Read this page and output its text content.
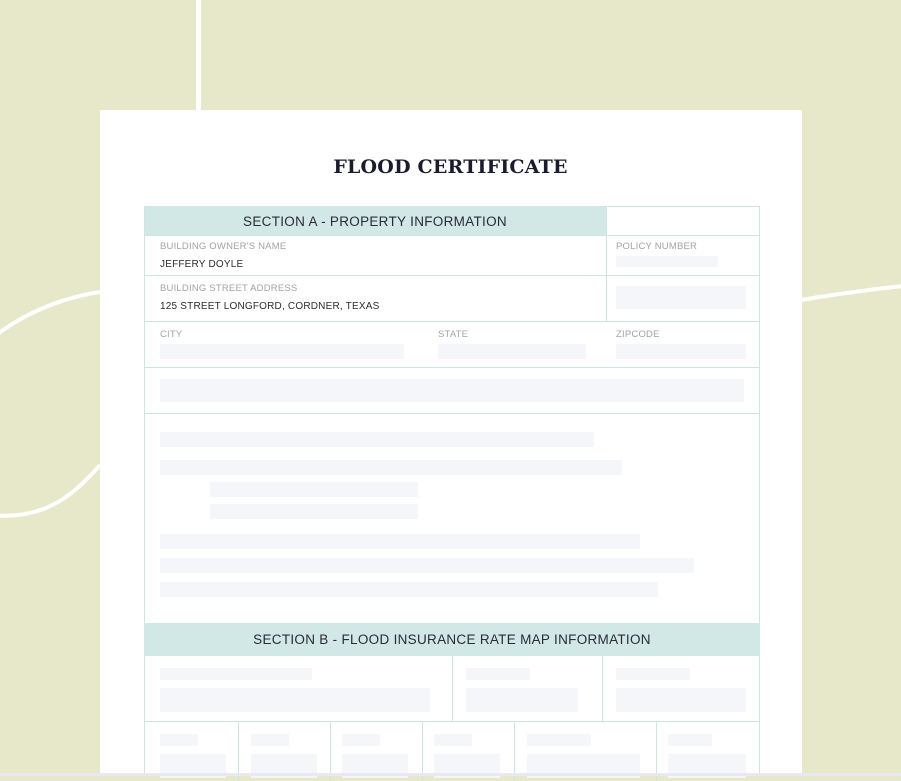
FLOOD CERTIFICATE
SECTION A - PROPERTY INFORMATION
BUILDING OWNER'S NAME
JEFFERY DOYLE
POLICY NUMBER
BUILDING STREET ADDRESS
125 STREET LONGFORD, CORDNER, TEXAS
CITY	STATE	ZIPCODE
SECTION B - FLOOD INSURANCE RATE MAP INFORMATION
